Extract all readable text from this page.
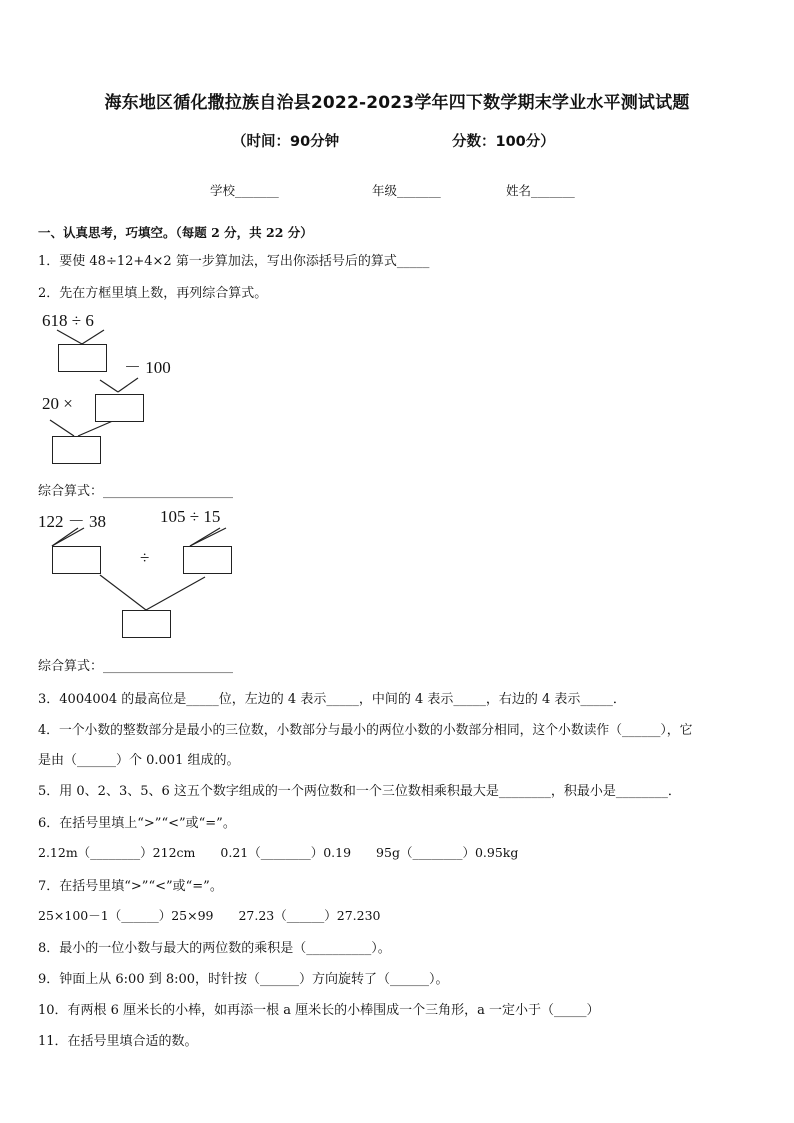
海东地区循化撒拉族自治县2022-2023学年四下数学期末学业水平测试试题
（时间：90分钟	分数：100分）
学校_______	年级_______	姓名_______
一、认真思考，巧填空。（每题 2 分，共 22 分）
1．要使 48÷12+4×2 第一步算加法，写出你添括号后的算式_____
2．先在方框里填上数，再列综合算式。
618 ÷ 6
－ 100
20 ×
综合算式：____________________
122 － 38	105 ÷ 15
÷
综合算式：____________________
3．4004004 的最高位是_____位，左边的 4 表示_____，中间的 4 表示_____，右边的 4 表示_____．
4．一个小数的整数部分是最小的三位数，小数部分与最小的两位小数的小数部分相同，这个小数读作（______），它
是由（______）个 0.001 组成的。
5．用 0、2、3、5、6 这五个数字组成的一个两位数和一个三位数相乘积最大是________，积最小是________．
6．在括号里填上“>”“<”或“=”。
2.12m（________）212cm　　0.21（________）0.19　　95g（________）0.95kg
7．在括号里填“>”“<”或“=”。
25×100－1（______）25×99　　27.23（______）27.230
8．最小的一位小数与最大的两位数的乘积是（__________）。
9．钟面上从 6:00 到 8:00，时针按（______）方向旋转了（______）。
10．有两根 6 厘米长的小棒，如再添一根 a 厘米长的小棒围成一个三角形，a 一定小于（_____）
11．在括号里填合适的数。
